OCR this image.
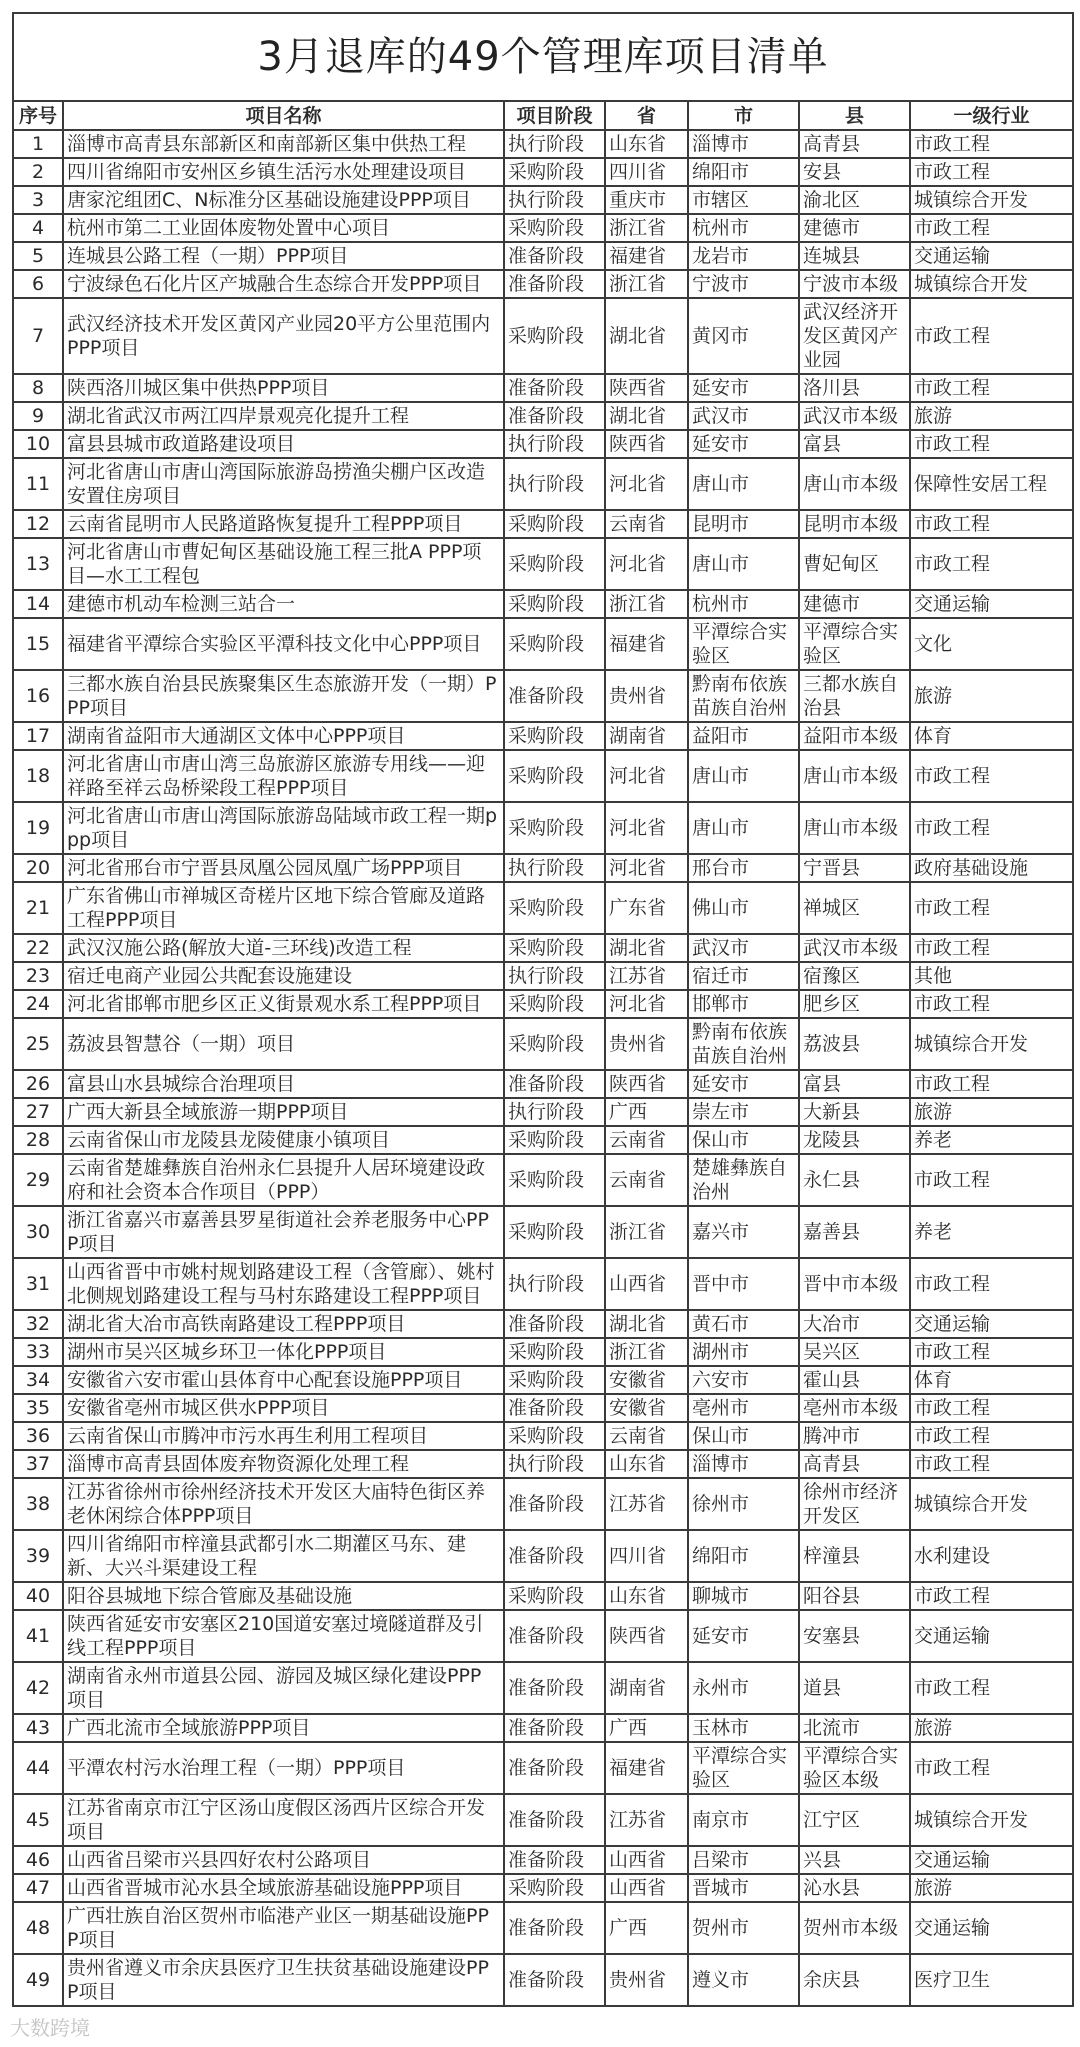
3月退库的49个管理库项目清单						
序号	项目名称	项目阶段	省	市	县	一级行业
1	淄博市高青县东部新区和南部新区集中供热工程	执行阶段	山东省	淄博市	高青县	市政工程
2	四川省绵阳市安州区乡镇生活污水处理建设项目	采购阶段	四川省	绵阳市	安县	市政工程
3	唐家沱组团C、N标准分区基础设施建设PPP项目	执行阶段	重庆市	市辖区	渝北区	城镇综合开发
4	杭州市第二工业固体废物处置中心项目	采购阶段	浙江省	杭州市	建德市	市政工程
5	连城县公路工程（一期）PPP项目	准备阶段	福建省	龙岩市	连城县	交通运输
6	宁波绿色石化片区产城融合生态综合开发PPP项目	准备阶段	浙江省	宁波市	宁波市本级	城镇综合开发
7	武汉经济技术开发区黄冈产业园20平方公里范围内PPP项目	采购阶段	湖北省	黄冈市	武汉经济开发区黄冈产业园	市政工程
8	陕西洛川城区集中供热PPP项目	准备阶段	陕西省	延安市	洛川县	市政工程
9	湖北省武汉市两江四岸景观亮化提升工程	准备阶段	湖北省	武汉市	武汉市本级	旅游
10	富县县城市政道路建设项目	执行阶段	陕西省	延安市	富县	市政工程
11	河北省唐山市唐山湾国际旅游岛捞渔尖棚户区改造安置住房项目	执行阶段	河北省	唐山市	唐山市本级	保障性安居工程
12	云南省昆明市人民路道路恢复提升工程PPP项目	采购阶段	云南省	昆明市	昆明市本级	市政工程
13	河北省唐山市曹妃甸区基础设施工程三批A PPP项目—水工工程包	采购阶段	河北省	唐山市	曹妃甸区	市政工程
14	建德市机动车检测三站合一	采购阶段	浙江省	杭州市	建德市	交通运输
15	福建省平潭综合实验区平潭科技文化中心PPP项目	采购阶段	福建省	平潭综合实验区	平潭综合实验区	文化
16	三都水族自治县民族聚集区生态旅游开发（一期）PPP项目	准备阶段	贵州省	黔南布依族苗族自治州	三都水族自治县	旅游
17	湖南省益阳市大通湖区文体中心PPP项目	采购阶段	湖南省	益阳市	益阳市本级	体育
18	河北省唐山市唐山湾三岛旅游区旅游专用线——迎祥路至祥云岛桥梁段工程PPP项目	采购阶段	河北省	唐山市	唐山市本级	市政工程
19	河北省唐山市唐山湾国际旅游岛陆域市政工程一期ppp项目	采购阶段	河北省	唐山市	唐山市本级	市政工程
20	河北省邢台市宁晋县凤凰公园凤凰广场PPP项目	执行阶段	河北省	邢台市	宁晋县	政府基础设施
21	广东省佛山市禅城区奇槎片区地下综合管廊及道路工程PPP项目	采购阶段	广东省	佛山市	禅城区	市政工程
22	武汉汉施公路(解放大道-三环线)改造工程	采购阶段	湖北省	武汉市	武汉市本级	市政工程
23	宿迁电商产业园公共配套设施建设	执行阶段	江苏省	宿迁市	宿豫区	其他
24	河北省邯郸市肥乡区正义街景观水系工程PPP项目	采购阶段	河北省	邯郸市	肥乡区	市政工程
25	荔波县智慧谷（一期）项目	采购阶段	贵州省	黔南布依族苗族自治州	荔波县	城镇综合开发
26	富县山水县城综合治理项目	准备阶段	陕西省	延安市	富县	市政工程
27	广西大新县全域旅游一期PPP项目	执行阶段	广西	崇左市	大新县	旅游
28	云南省保山市龙陵县龙陵健康小镇项目	采购阶段	云南省	保山市	龙陵县	养老
29	云南省楚雄彝族自治州永仁县提升人居环境建设政府和社会资本合作项目（PPP）	采购阶段	云南省	楚雄彝族自治州	永仁县	市政工程
30	浙江省嘉兴市嘉善县罗星街道社会养老服务中心PPP项目	采购阶段	浙江省	嘉兴市	嘉善县	养老
31	山西省晋中市姚村规划路建设工程（含管廊）、姚村北侧规划路建设工程与马村东路建设工程PPP项目	执行阶段	山西省	晋中市	晋中市本级	市政工程
32	湖北省大冶市高铁南路建设工程PPP项目	准备阶段	湖北省	黄石市	大冶市	交通运输
33	湖州市吴兴区城乡环卫一体化PPP项目	采购阶段	浙江省	湖州市	吴兴区	市政工程
34	安徽省六安市霍山县体育中心配套设施PPP项目	采购阶段	安徽省	六安市	霍山县	体育
35	安徽省亳州市城区供水PPP项目	准备阶段	安徽省	亳州市	亳州市本级	市政工程
36	云南省保山市腾冲市污水再生利用工程项目	采购阶段	云南省	保山市	腾冲市	市政工程
37	淄博市高青县固体废弃物资源化处理工程	执行阶段	山东省	淄博市	高青县	市政工程
38	江苏省徐州市徐州经济技术开发区大庙特色街区养老休闲综合体PPP项目	准备阶段	江苏省	徐州市	徐州市经济开发区	城镇综合开发
39	四川省绵阳市梓潼县武都引水二期灌区马东、建新、大兴斗渠建设工程	准备阶段	四川省	绵阳市	梓潼县	水利建设
40	阳谷县城地下综合管廊及基础设施	采购阶段	山东省	聊城市	阳谷县	市政工程
41	陕西省延安市安塞区210国道安塞过境隧道群及引线工程PPP项目	准备阶段	陕西省	延安市	安塞县	交通运输
42	湖南省永州市道县公园、游园及城区绿化建设PPP项目	准备阶段	湖南省	永州市	道县	市政工程
43	广西北流市全域旅游PPP项目	准备阶段	广西	玉林市	北流市	旅游
44	平潭农村污水治理工程（一期）PPP项目	准备阶段	福建省	平潭综合实验区	平潭综合实验区本级	市政工程
45	江苏省南京市江宁区汤山度假区汤西片区综合开发项目	准备阶段	江苏省	南京市	江宁区	城镇综合开发
46	山西省吕梁市兴县四好农村公路项目	准备阶段	山西省	吕梁市	兴县	交通运输
47	山西省晋城市沁水县全域旅游基础设施PPP项目	采购阶段	山西省	晋城市	沁水县	旅游
48	广西壮族自治区贺州市临港产业区一期基础设施PPP项目	准备阶段	广西	贺州市	贺州市本级	交通运输
49	贵州省遵义市余庆县医疗卫生扶贫基础设施建设PPP项目	准备阶段	贵州省	遵义市	余庆县	医疗卫生
大数跨境
